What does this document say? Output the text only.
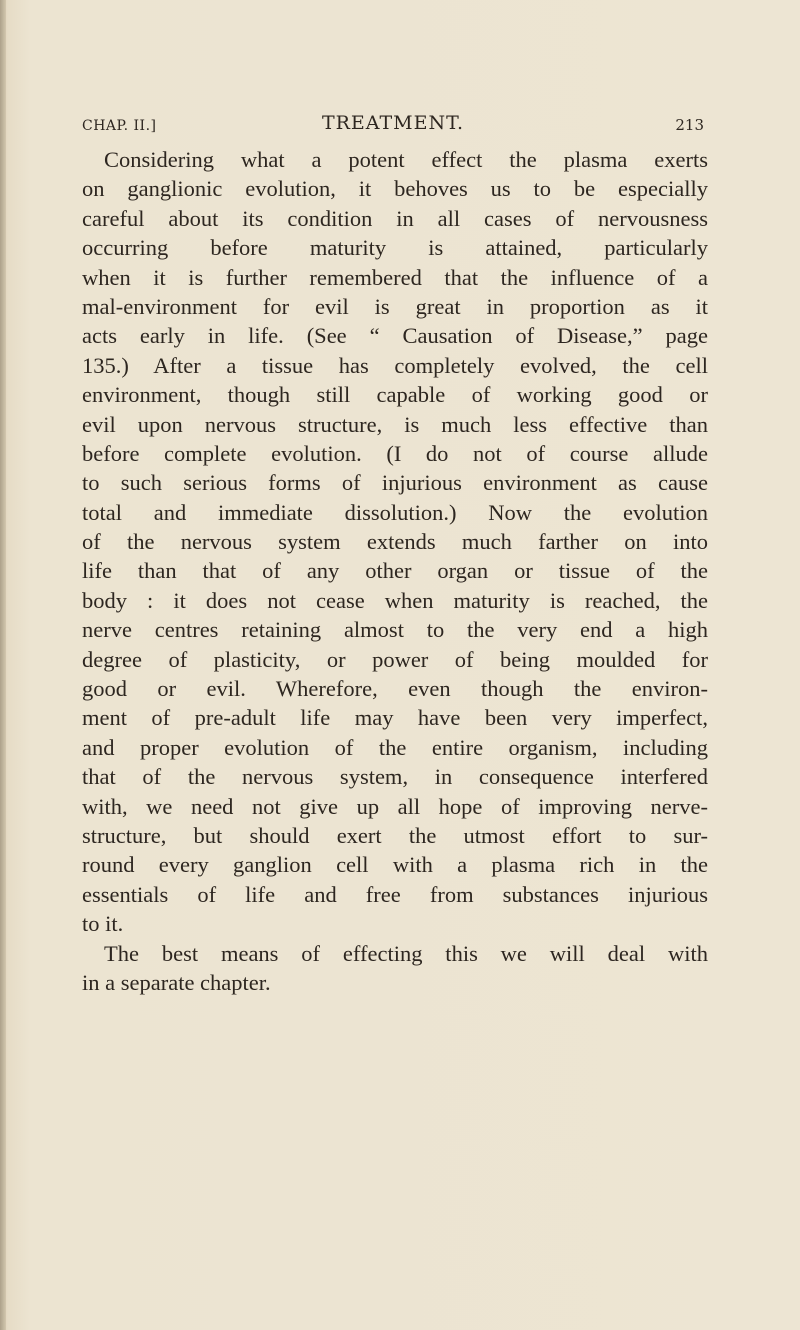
CHAP. II.]	TREATMENT.	213
Considering what a potent effect the plasma exerts
on ganglionic evolution, it behoves us to be especially
careful about its condition in all cases of nervousness
occurring before maturity is attained, particularly
when it is further remembered that the influence of a
mal-environment for evil is great in proportion as it
acts early in life. (See “ Causation of Disease,” page
135.) After a tissue has completely evolved, the cell
environment, though still capable of working good or
evil upon nervous structure, is much less effective than
before complete evolution. (I do not of course allude
to such serious forms of injurious environment as cause
total and immediate dissolution.) Now the evolution
of the nervous system extends much farther on into
life than that of any other organ or tissue of the
body : it does not cease when maturity is reached, the
nerve centres retaining almost to the very end a high
degree of plasticity, or power of being moulded for
good or evil. Wherefore, even though the environ-
ment of pre-adult life may have been very imperfect,
and proper evolution of the entire organism, including
that of the nervous system, in consequence interfered
with, we need not give up all hope of improving nerve-
structure, but should exert the utmost effort to sur-
round every ganglion cell with a plasma rich in the
essentials of life and free from substances injurious
to it.
The best means of effecting this we will deal with
in a separate chapter.
